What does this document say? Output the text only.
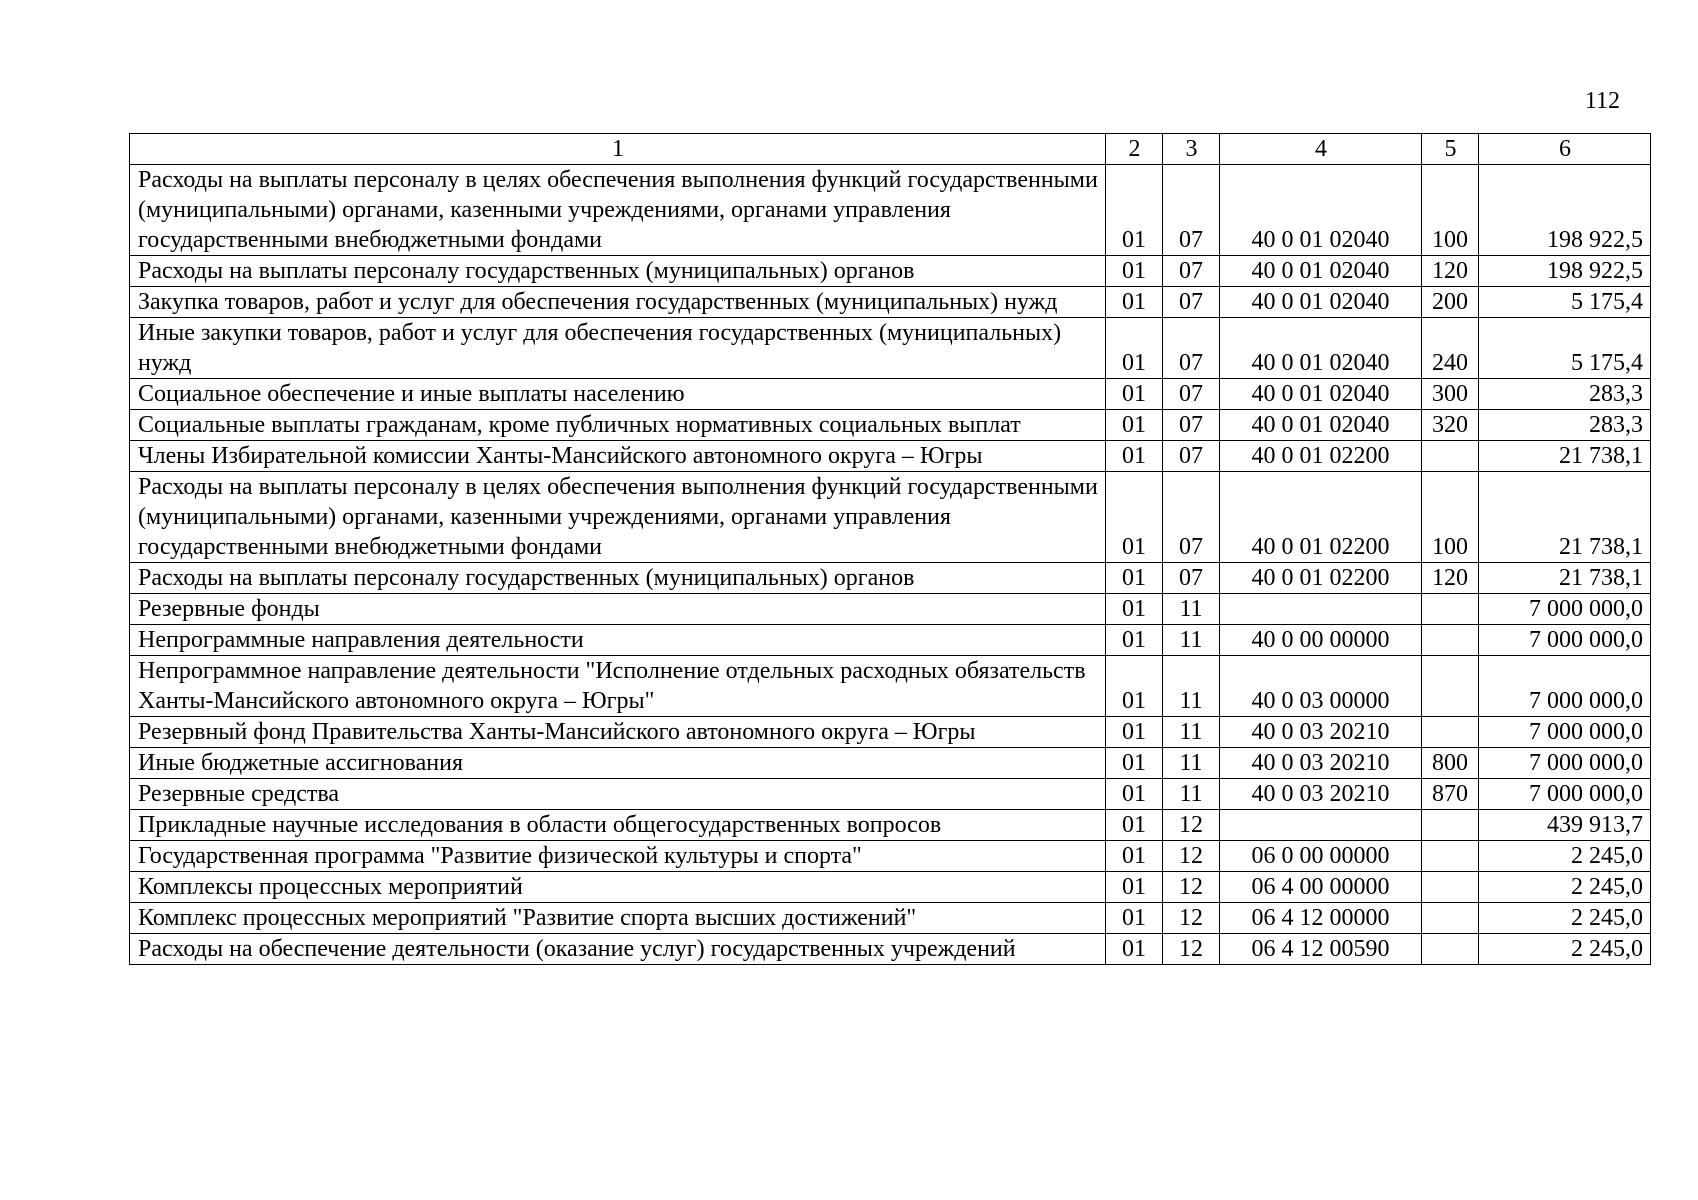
112
1	2	3	4	5	6
Расходы на выплаты персоналу в целях обеспечения выполнения функций государственными (муниципальными) органами, казенными учреждениями, органами управления государственными внебюджетными фондами	01	07	40 0 01 02040	100	198 922,5
Расходы на выплаты персоналу государственных (муниципальных) органов	01	07	40 0 01 02040	120	198 922,5
Закупка товаров, работ и услуг для обеспечения государственных (муниципальных) нужд	01	07	40 0 01 02040	200	5 175,4
Иные закупки товаров, работ и услуг для обеспечения государственных (муниципальных) нужд	01	07	40 0 01 02040	240	5 175,4
Социальное обеспечение и иные выплаты населению	01	07	40 0 01 02040	300	283,3
Социальные выплаты гражданам, кроме публичных нормативных социальных выплат	01	07	40 0 01 02040	320	283,3
Члены Избирательной комиссии Ханты-Мансийского автономного округа – Югры	01	07	40 0 01 02200		21 738,1
Расходы на выплаты персоналу в целях обеспечения выполнения функций государственными (муниципальными) органами, казенными учреждениями, органами управления государственными внебюджетными фондами	01	07	40 0 01 02200	100	21 738,1
Расходы на выплаты персоналу государственных (муниципальных) органов	01	07	40 0 01 02200	120	21 738,1
Резервные фонды	01	11			7 000 000,0
Непрограммные направления деятельности	01	11	40 0 00 00000		7 000 000,0
Непрограммное направление деятельности "Исполнение отдельных расходных обязательств Ханты-Мансийского автономного округа – Югры"	01	11	40 0 03 00000		7 000 000,0
Резервный фонд Правительства Ханты-Мансийского автономного округа – Югры	01	11	40 0 03 20210		7 000 000,0
Иные бюджетные ассигнования	01	11	40 0 03 20210	800	7 000 000,0
Резервные средства	01	11	40 0 03 20210	870	7 000 000,0
Прикладные научные исследования в области общегосударственных вопросов	01	12			439 913,7
Государственная программа "Развитие физической культуры и спорта"	01	12	06 0 00 00000		2 245,0
Комплексы процессных мероприятий	01	12	06 4 00 00000		2 245,0
Комплекс процессных мероприятий "Развитие спорта высших достижений"	01	12	06 4 12 00000		2 245,0
Расходы на обеспечение деятельности (оказание услуг) государственных учреждений	01	12	06 4 12 00590		2 245,0
